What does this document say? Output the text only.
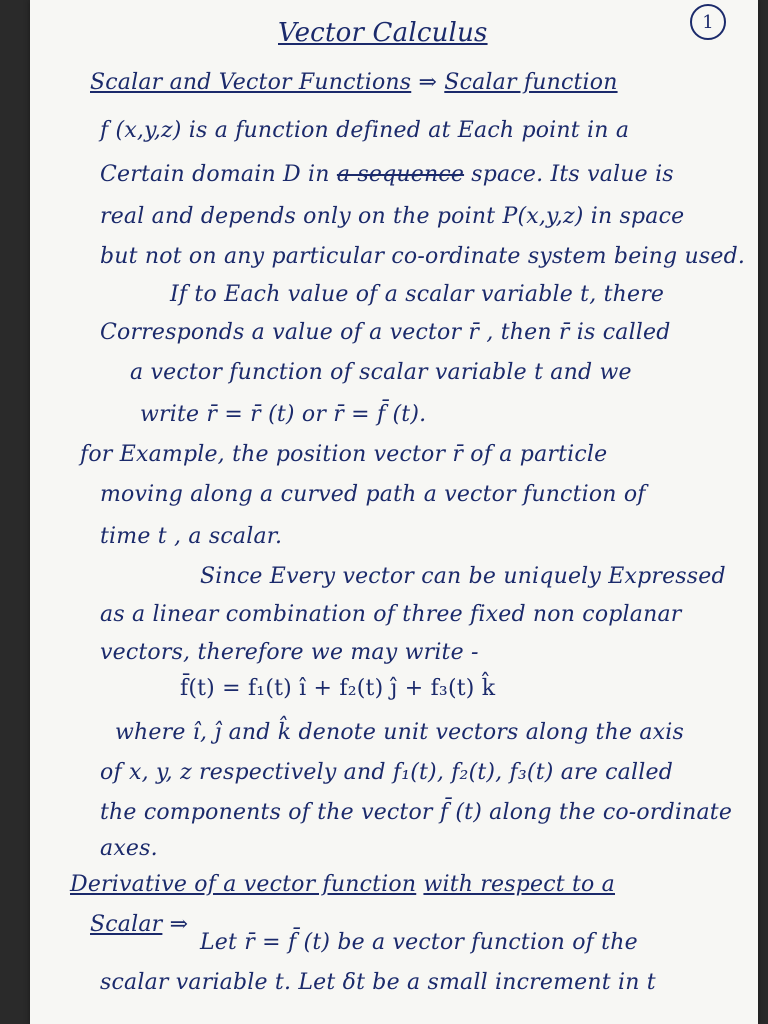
1
Vector Calculus
Scalar and Vector Functions ⇒ Scalar function
f (x,y,z) is a function defined at Each point in a
Certain domain D in a sequence space. Its value is
real and depends only on the point P(x,y,z) in space
but not on any particular co-ordinate system being used.
If to Each value of a scalar variable t, there
Corresponds a value of a vector r̄ , then r̄ is called
a vector function of scalar variable t and we
write r̄ = r̄ (t) or r̄ = f̄ (t).
for Example, the position vector r̄ of a particle
moving along a curved path a vector function of
time t , a scalar.
Since Every vector can be uniquely Expressed
as a linear combination of three fixed non coplanar
vectors, therefore we may write -
f̄(t) = f₁(t) î + f₂(t) ĵ + f₃(t) k̂
where î, ĵ and k̂ denote unit vectors along the axis
of x, y, z respectively and f₁(t), f₂(t), f₃(t) are called
the components of the vector f̄ (t) along the co-ordinate
axes.
Derivative of a vector function with respect to a
Scalar ⇒
Let r̄ = f̄ (t) be a vector function of the
scalar variable t. Let δt be a small increment in t
